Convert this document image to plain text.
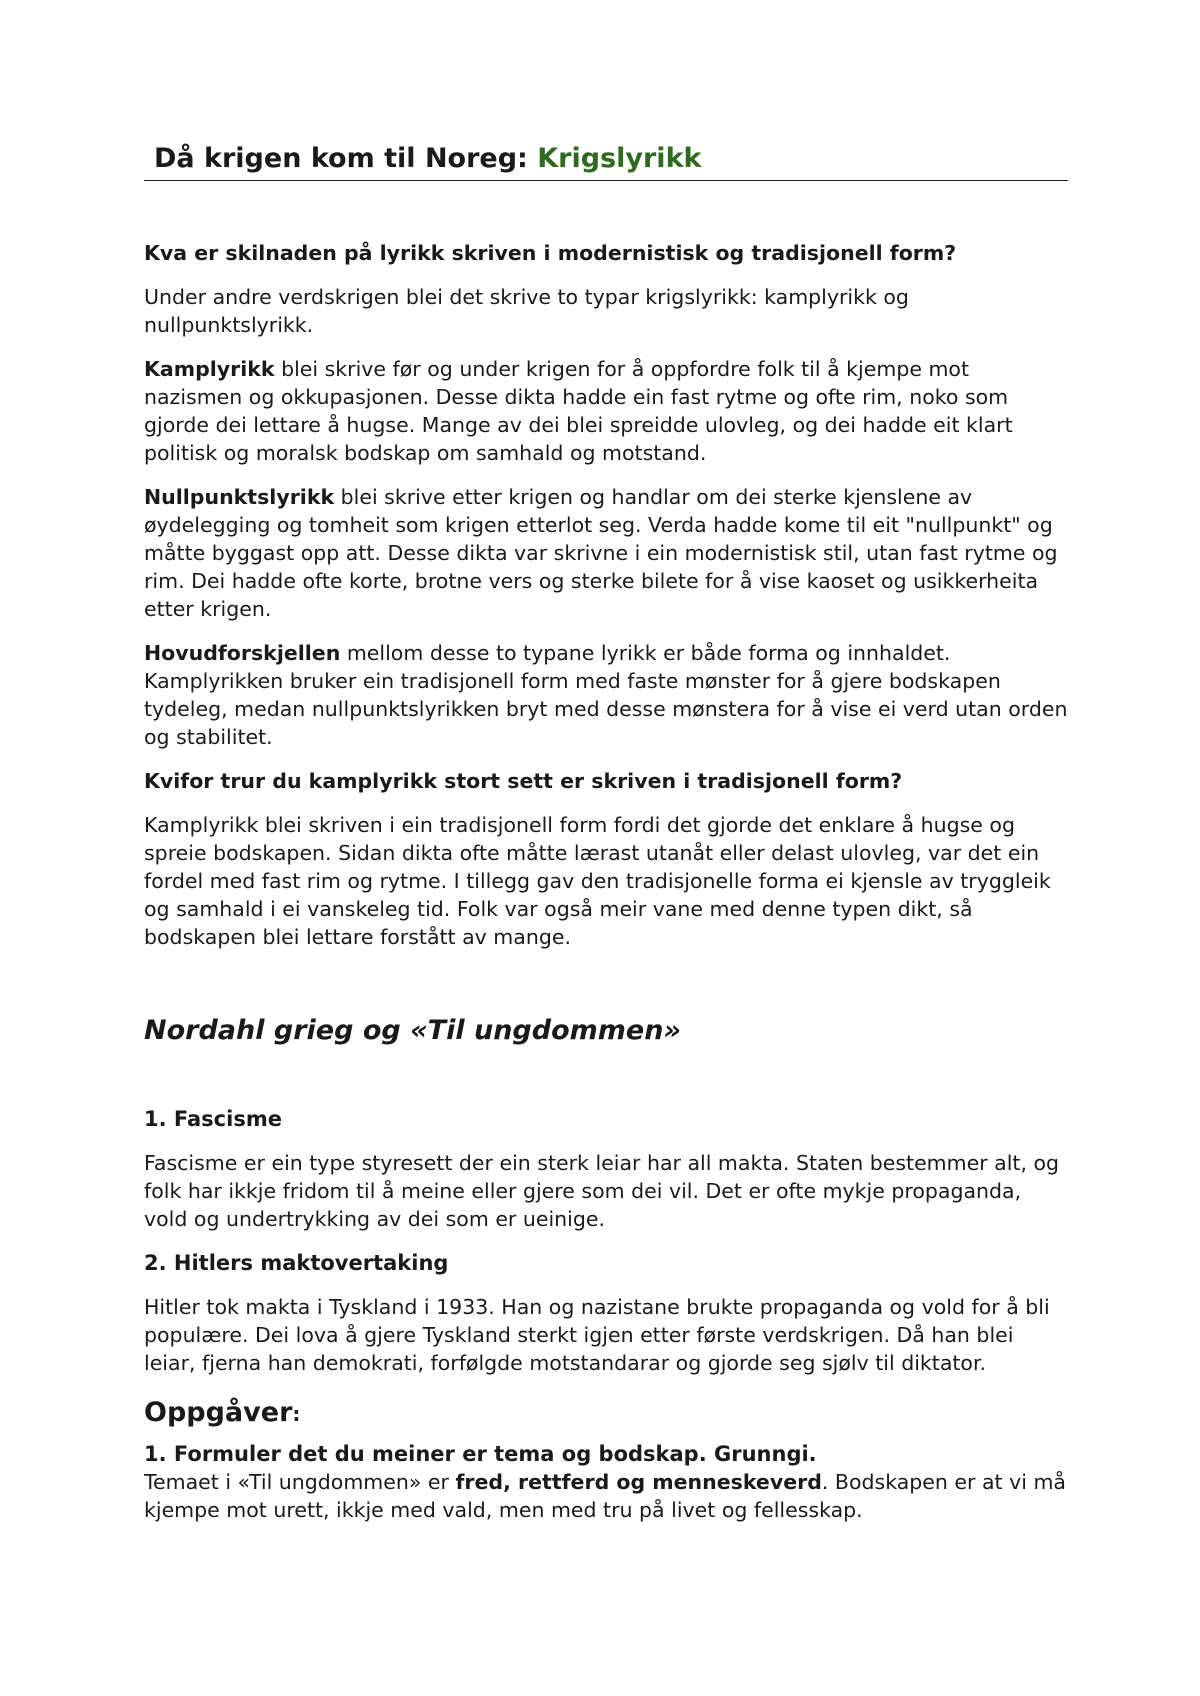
Då krigen kom til Noreg: Krigslyrikk

Kva er skilnaden på lyrikk skriven i modernistisk og tradisjonell form?

Under andre verdskrigen blei det skrive to typar krigslyrikk: kamplyrikk og nullpunktslyrikk.

Kamplyrikk blei skrive før og under krigen for å oppfordre folk til å kjempe mot nazismen og okkupasjonen. Desse dikta hadde ein fast rytme og ofte rim, noko som gjorde dei lettare å hugse. Mange av dei blei spreidde ulovleg, og dei hadde eit klart politisk og moralsk bodskap om samhald og motstand.

Nullpunktslyrikk blei skrive etter krigen og handlar om dei sterke kjenslene av øydelegging og tomheit som krigen etterlot seg. Verda hadde kome til eit "nullpunkt" og måtte byggast opp att. Desse dikta var skrivne i ein modernistisk stil, utan fast rytme og rim. Dei hadde ofte korte, brotne vers og sterke bilete for å vise kaoset og usikkerheita etter krigen.

Hovudforskjellen mellom desse to typane lyrikk er både forma og innhaldet. Kamplyrikken bruker ein tradisjonell form med faste mønster for å gjere bodskapen tydeleg, medan nullpunktslyrikken bryt med desse mønstera for å vise ei verd utan orden og stabilitet.

Kvifor trur du kamplyrikk stort sett er skriven i tradisjonell form?

Kamplyrikk blei skriven i ein tradisjonell form fordi det gjorde det enklare å hugse og spreie bodskapen. Sidan dikta ofte måtte lærast utanåt eller delast ulovleg, var det ein fordel med fast rim og rytme. I tillegg gav den tradisjonelle forma ei kjensle av tryggleik og samhald i ei vanskeleg tid. Folk var også meir vane med denne typen dikt, så bodskapen blei lettare forstått av mange.

Nordahl grieg og «Til ungdommen»
1. Fascisme

Fascisme er ein type styresett der ein sterk leiar har all makta. Staten bestemmer alt, og folk har ikkje fridom til å meine eller gjere som dei vil. Det er ofte mykje propaganda, vold og undertrykking av dei som er ueinige.

2. Hitlers maktovertaking

Hitler tok makta i Tyskland i 1933. Han og nazistane brukte propaganda og vold for å bli populære. Dei lova å gjere Tyskland sterkt igjen etter første verdskrigen. Då han blei leiar, fjerna han demokrati, forfølgde motstandarar og gjorde seg sjølv til diktator.

Oppgåver:

1. Formuler det du meiner er tema og bodskap. Grunngi.

Temaet i «Til ungdommen» er fred, rettferd og menneskeverd. Bodskapen er at vi må kjempe mot urett, ikkje med vald, men med tru på livet og fellesskap.
